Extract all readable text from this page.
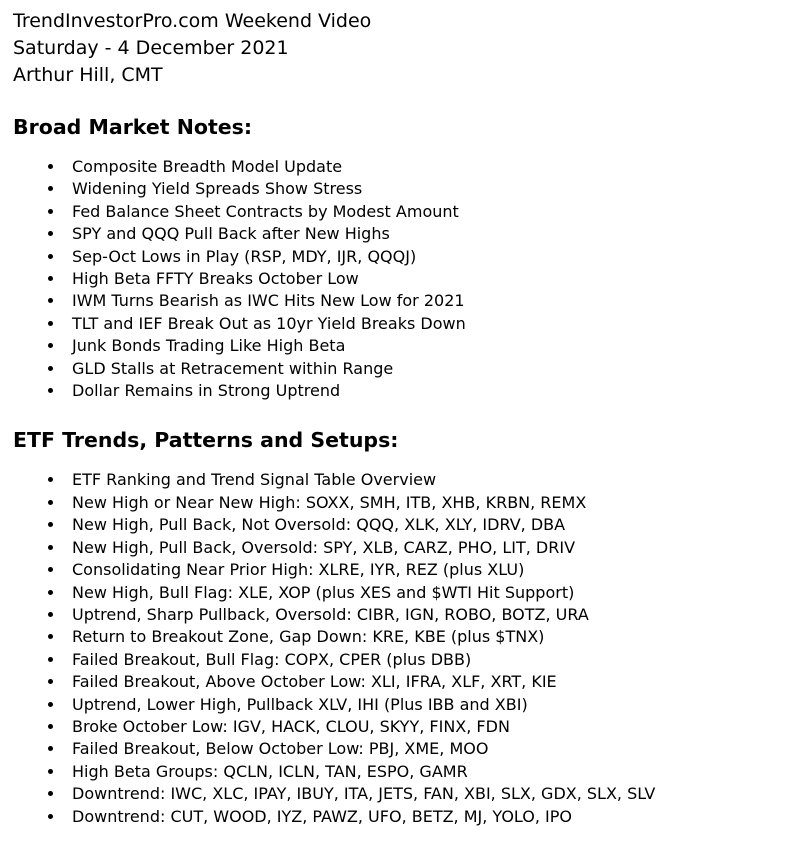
TrendInvestorPro.com Weekend Video
Saturday - 4 December 2021
Arthur Hill, CMT
Broad Market Notes:
• Composite Breadth Model Update
• Widening Yield Spreads Show Stress
• Fed Balance Sheet Contracts by Modest Amount
• SPY and QQQ Pull Back after New Highs
• Sep-Oct Lows in Play (RSP, MDY, IJR, QQQJ)
• High Beta FFTY Breaks October Low
• IWM Turns Bearish as IWC Hits New Low for 2021
• TLT and IEF Break Out as 10yr Yield Breaks Down
• Junk Bonds Trading Like High Beta
• GLD Stalls at Retracement within Range
• Dollar Remains in Strong Uptrend
ETF Trends, Patterns and Setups:
• ETF Ranking and Trend Signal Table Overview
• New High or Near New High: SOXX, SMH, ITB, XHB, KRBN, REMX
• New High, Pull Back, Not Oversold: QQQ, XLK, XLY, IDRV, DBA
• New High, Pull Back, Oversold: SPY, XLB, CARZ, PHO, LIT, DRIV
• Consolidating Near Prior High: XLRE, IYR, REZ (plus XLU)
• New High, Bull Flag: XLE, XOP (plus XES and $WTI Hit Support)
• Uptrend, Sharp Pullback, Oversold: CIBR, IGN, ROBO, BOTZ, URA
• Return to Breakout Zone, Gap Down: KRE, KBE (plus $TNX)
• Failed Breakout, Bull Flag: COPX, CPER (plus DBB)
• Failed Breakout, Above October Low: XLI, IFRA, XLF, XRT, KIE
• Uptrend, Lower High, Pullback XLV, IHI (Plus IBB and XBI)
• Broke October Low: IGV, HACK, CLOU, SKYY, FINX, FDN
• Failed Breakout, Below October Low: PBJ, XME, MOO
• High Beta Groups: QCLN, ICLN, TAN, ESPO, GAMR
• Downtrend: IWC, XLC, IPAY, IBUY, ITA, JETS, FAN, XBI, SLX, GDX, SLX, SLV
• Downtrend: CUT, WOOD, IYZ, PAWZ, UFO, BETZ, MJ, YOLO, IPO
